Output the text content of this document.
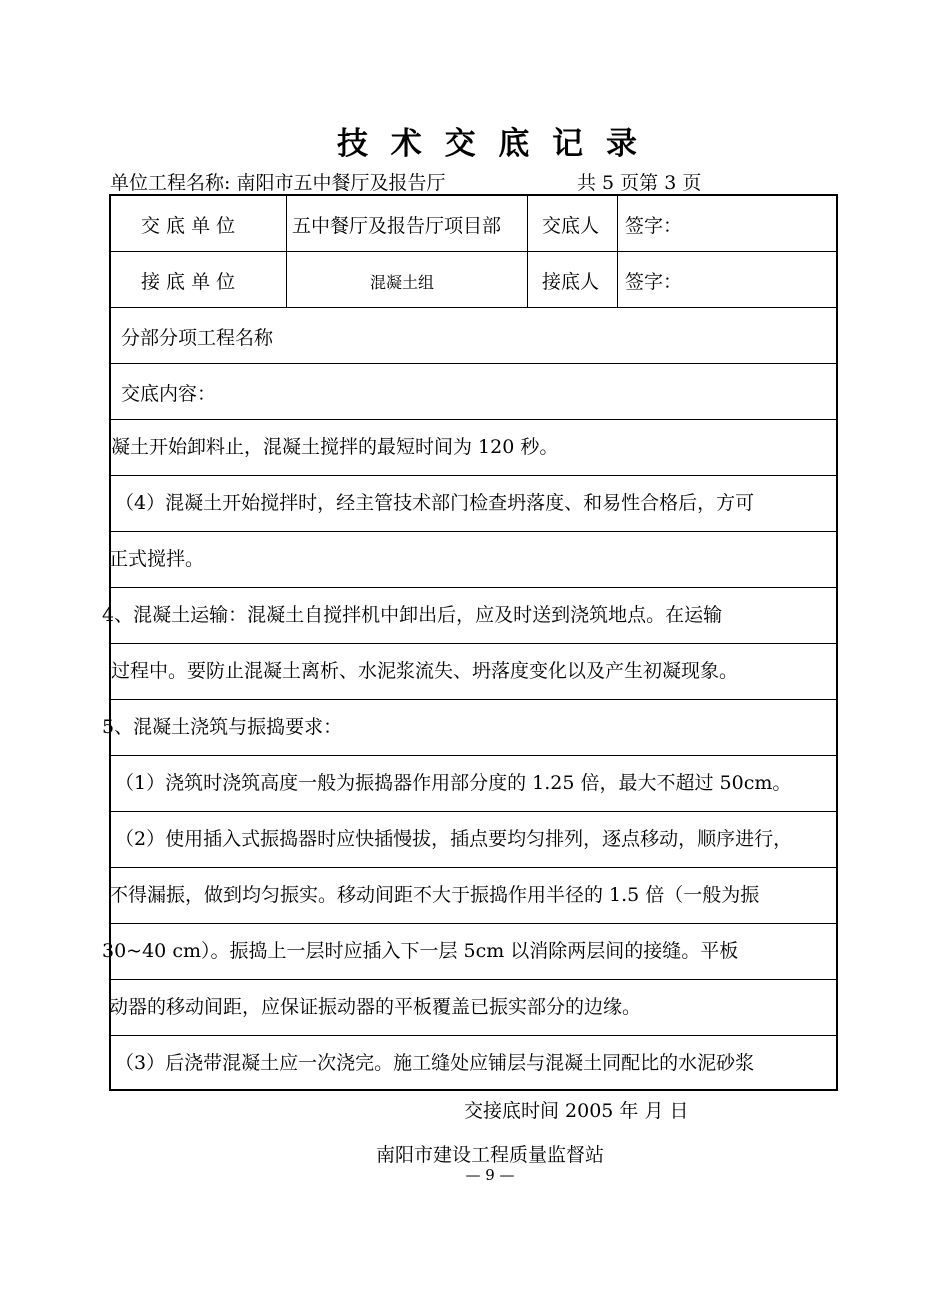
技 术 交 底 记 录
单位工程名称: 南阳市五中餐厅及报告厅	共 5 页第 3 页
交 底 单 位	五中餐厅及报告厅项目部 交底人 签字：
接 底 单 位	混凝土组	接底人 签字：
分部分项工程名称
交底内容：
凝土开始卸料止，混凝土搅拌的最短时间为 120 秒。
（4）混凝土开始搅拌时，经主管技术部门检查坍落度、和易性合格后，方可
正式搅拌。
4、混凝土运输：混凝土自搅拌机中卸出后，应及时送到浇筑地点。在运输
过程中。要防止混凝土离析、水泥浆流失、坍落度变化以及产生初凝现象。
5、混凝土浇筑与振捣要求：
（1）浇筑时浇筑高度一般为振捣器作用部分度的 1.25 倍，最大不超过 50cm。
（2）使用插入式振捣器时应快插慢拔，插点要均匀排列，逐点移动，顺序进行，
不得漏振，做到均匀振实。移动间距不大于振捣作用半径的 1.5 倍（一般为振
30~40 cm）。振捣上一层时应插入下一层 5cm 以消除两层间的接缝。平板
动器的移动间距，应保证振动器的平板覆盖已振实部分的边缘。
（3）后浇带混凝土应一次浇完。施工缝处应铺层与混凝土同配比的水泥砂浆
交接底时间 2005 年 月 日
南阳市建设工程质量监督站
— 9 —
